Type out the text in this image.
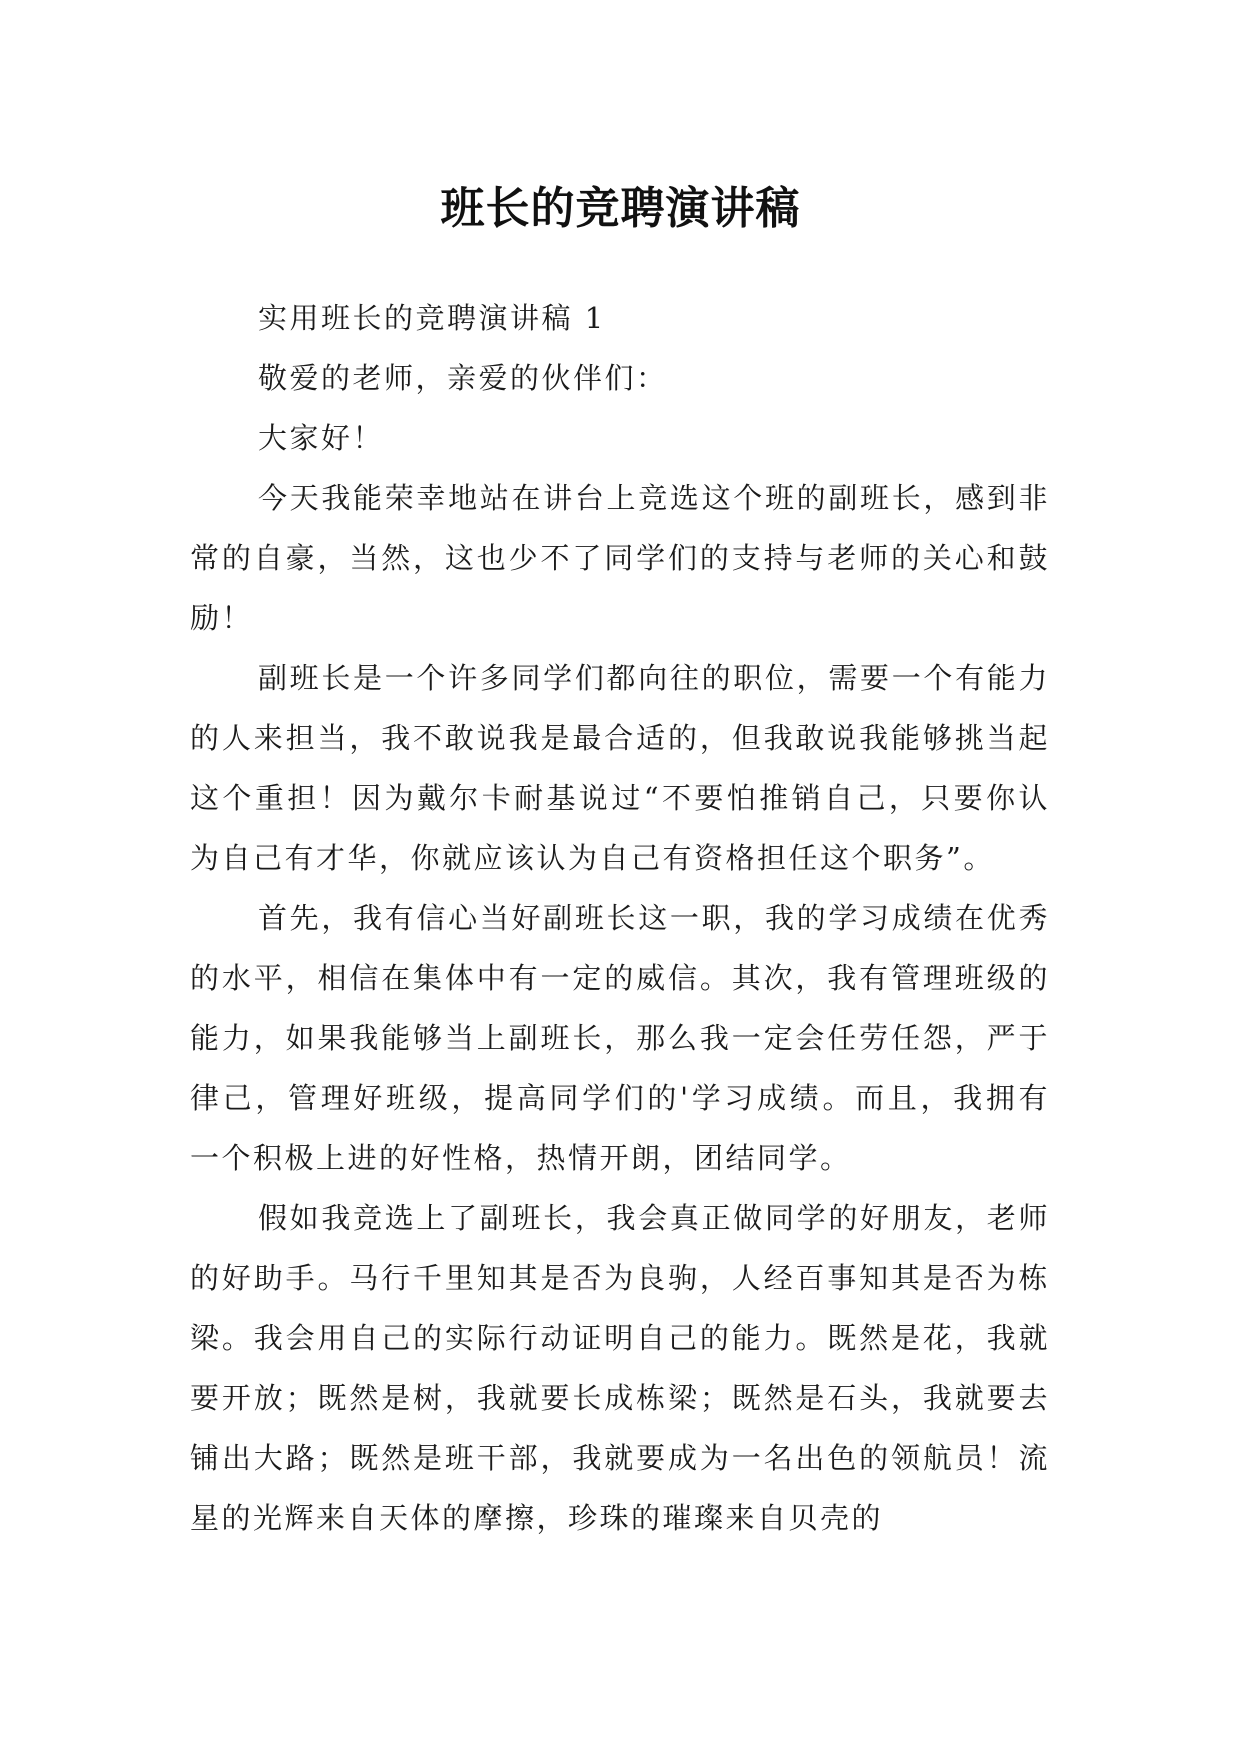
班长的竞聘演讲稿

实用班长的竞聘演讲稿 1

敬爱的老师，亲爱的伙伴们：

大家好！

今天我能荣幸地站在讲台上竞选这个班的副班长，感到非常的自豪，当然，这也少不了同学们的支持与老师的关心和鼓励！

副班长是一个许多同学们都向往的职位，需要一个有能力的人来担当，我不敢说我是最合适的，但我敢说我能够挑当起这个重担！因为戴尔卡耐基说过“不要怕推销自己，只要你认为自己有才华，你就应该认为自己有资格担任这个职务”。

首先，我有信心当好副班长这一职，我的学习成绩在优秀的水平，相信在集体中有一定的威信。其次，我有管理班级的能力，如果我能够当上副班长，那么我一定会任劳任怨，严于律己，管理好班级，提高同学们的'学习成绩。而且，我拥有一个积极上进的好性格，热情开朗，团结同学。

假如我竞选上了副班长，我会真正做同学的好朋友，老师的好助手。马行千里知其是否为良驹，人经百事知其是否为栋梁。我会用自己的实际行动证明自己的能力。既然是花，我就要开放；既然是树，我就要长成栋梁；既然是石头，我就要去铺出大路；既然是班干部，我就要成为一名出色的领航员！流星的光辉来自天体的摩擦，珍珠的璀璨来自贝壳的
